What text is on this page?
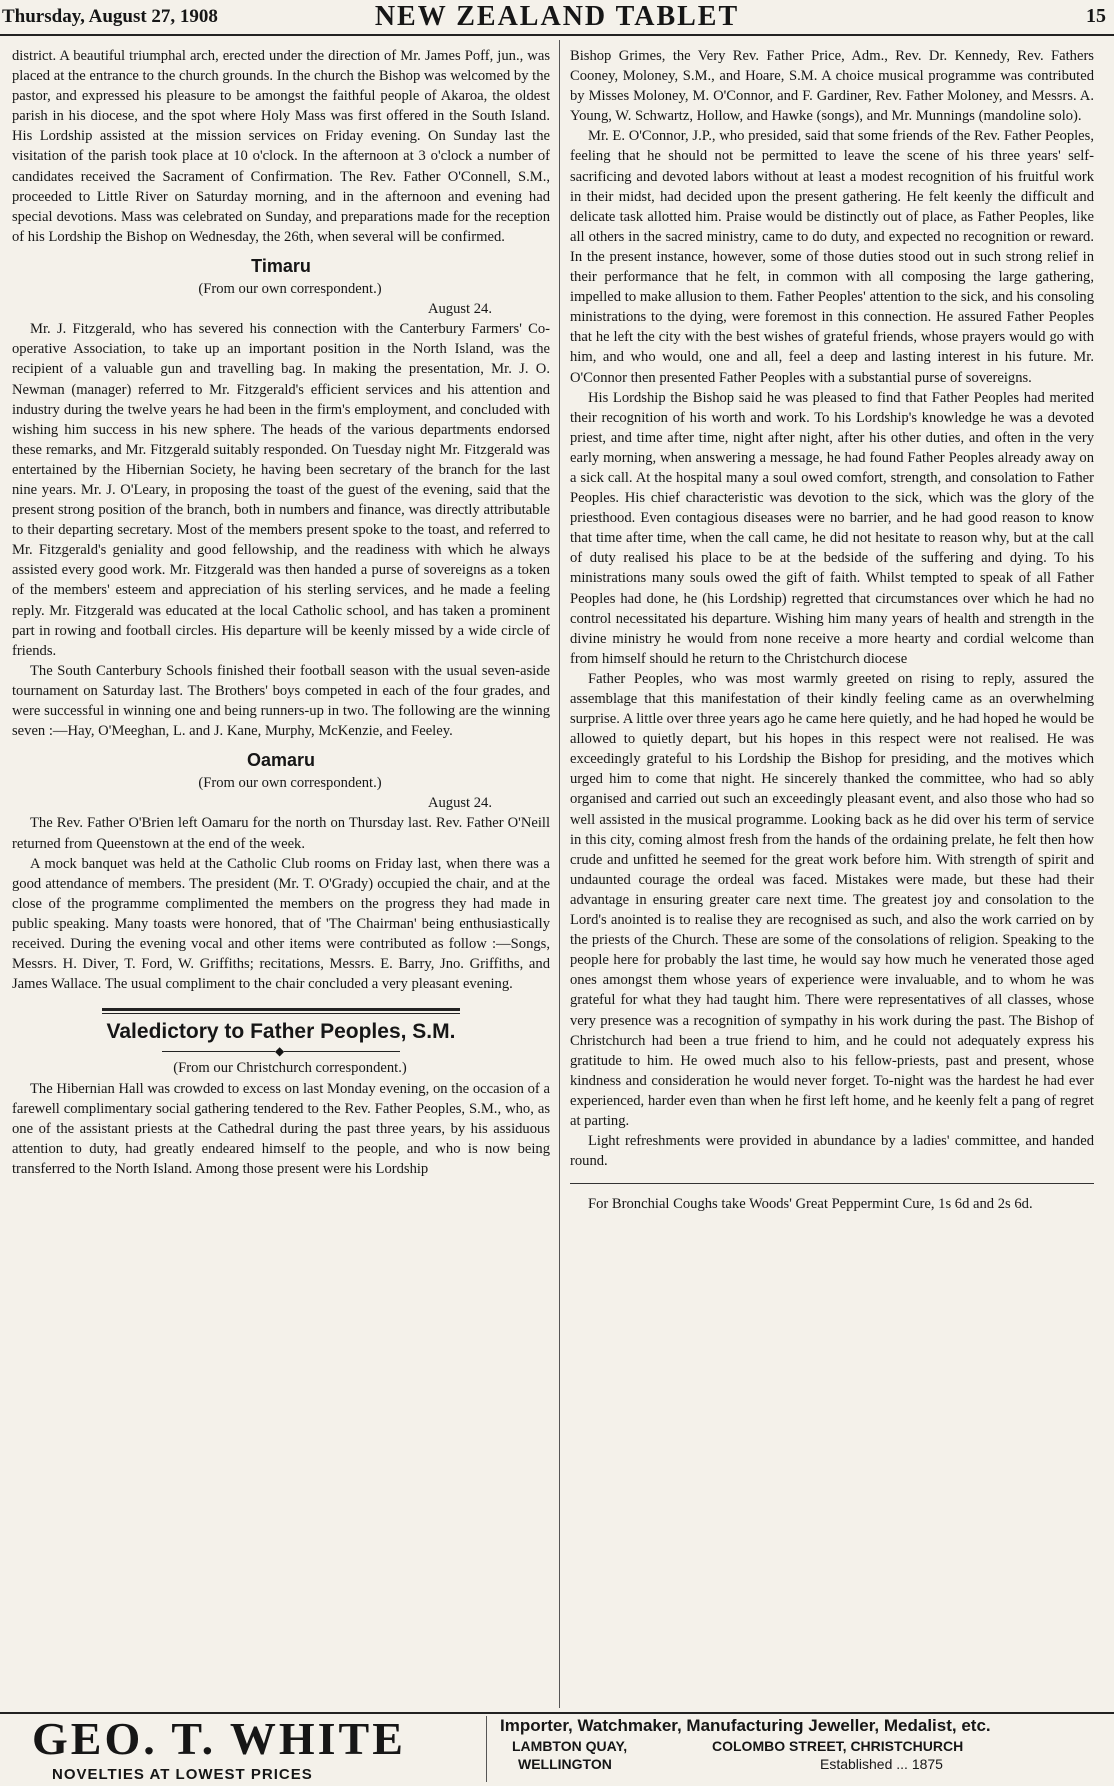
Thursday, August 27, 1908	NEW ZEALAND TABLET	15

district. A beautiful triumphal arch, erected under the direction of Mr. James Poff, jun., was placed at the entrance to the church grounds. In the church the Bishop was welcomed by the pastor, and expressed his pleasure to be amongst the faithful people of Akaroa, the oldest parish in his diocese, and the spot where Holy Mass was first offered in the South Island. His Lordship assisted at the mission services on Friday evening. On Sunday last the visitation of the parish took place at 10 o'clock. In the afternoon at 3 o'clock a number of candidates received the Sacrament of Confirmation. The Rev. Father O'Connell, S.M., proceeded to Little River on Saturday morning, and in the afternoon and evening had special devotions. Mass was celebrated on Sunday, and preparations made for the reception of his Lordship the Bishop on Wednesday, the 26th, when several will be confirmed.

Timaru

(From our own correspondent.)

August 24.

Mr. J. Fitzgerald, who has severed his connection with the Canterbury Farmers' Co-operative Association, to take up an important position in the North Island, was the recipient of a valuable gun and travelling bag. In making the presentation, Mr. J. O. Newman (manager) referred to Mr. Fitzgerald's efficient services and his attention and industry during the twelve years he had been in the firm's employment, and concluded with wishing him success in his new sphere. The heads of the various departments endorsed these remarks, and Mr. Fitzgerald suitably responded. On Tuesday night Mr. Fitzgerald was entertained by the Hibernian Society, he having been secretary of the branch for the last nine years. Mr. J. O'Leary, in proposing the toast of the guest of the evening, said that the present strong position of the branch, both in numbers and finance, was directly attributable to their departing secretary. Most of the members present spoke to the toast, and referred to Mr. Fitzgerald's geniality and good fellowship, and the readiness with which he always assisted every good work. Mr. Fitzgerald was then handed a purse of sovereigns as a token of the members' esteem and appreciation of his sterling services, and he made a feeling reply. Mr. Fitzgerald was educated at the local Catholic school, and has taken a prominent part in rowing and football circles. His departure will be keenly missed by a wide circle of friends.

The South Canterbury Schools finished their football season with the usual seven-aside tournament on Saturday last. The Brothers' boys competed in each of the four grades, and were successful in winning one and being runners-up in two. The following are the winning seven :—Hay, O'Meeghan, L. and J. Kane, Murphy, McKenzie, and Feeley.

Oamaru

(From our own correspondent.)

August 24.

The Rev. Father O'Brien left Oamaru for the north on Thursday last. Rev. Father O'Neill returned from Queenstown at the end of the week.

A mock banquet was held at the Catholic Club rooms on Friday last, when there was a good attendance of members. The president (Mr. T. O'Grady) occupied the chair, and at the close of the programme complimented the members on the progress they had made in public speaking. Many toasts were honored, that of 'The Chairman' being enthusiastically received. During the evening vocal and other items were contributed as follow :—Songs, Messrs. H. Diver, T. Ford, W. Griffiths; recitations, Messrs. E. Barry, Jno. Griffiths, and James Wallace. The usual compliment to the chair concluded a very pleasant evening.

Valedictory to Father Peoples, S.M.
◆

(From our Christchurch correspondent.)

The Hibernian Hall was crowded to excess on last Monday evening, on the occasion of a farewell complimentary social gathering tendered to the Rev. Father Peoples, S.M., who, as one of the assistant priests at the Cathedral during the past three years, by his assiduous attention to duty, had greatly endeared himself to the people, and who is now being transferred to the North Island. Among those present were his Lordship

Bishop Grimes, the Very Rev. Father Price, Adm., Rev. Dr. Kennedy, Rev. Fathers Cooney, Moloney, S.M., and Hoare, S.M. A choice musical programme was contributed by Misses Moloney, M. O'Connor, and F. Gardiner, Rev. Father Moloney, and Messrs. A. Young, W. Schwartz, Hollow, and Hawke (songs), and Mr. Munnings (mandoline solo).

Mr. E. O'Connor, J.P., who presided, said that some friends of the Rev. Father Peoples, feeling that he should not be permitted to leave the scene of his three years' self-sacrificing and devoted labors without at least a modest recognition of his fruitful work in their midst, had decided upon the present gathering. He felt keenly the difficult and delicate task allotted him. Praise would be distinctly out of place, as Father Peoples, like all others in the sacred ministry, came to do duty, and expected no recognition or reward. In the present instance, however, some of those duties stood out in such strong relief in their performance that he felt, in common with all composing the large gathering, impelled to make allusion to them. Father Peoples' attention to the sick, and his consoling ministrations to the dying, were foremost in this connection. He assured Father Peoples that he left the city with the best wishes of grateful friends, whose prayers would go with him, and who would, one and all, feel a deep and lasting interest in his future. Mr. O'Connor then presented Father Peoples with a substantial purse of sovereigns.

His Lordship the Bishop said he was pleased to find that Father Peoples had merited their recognition of his worth and work. To his Lordship's knowledge he was a devoted priest, and time after time, night after night, after his other duties, and often in the very early morning, when answering a message, he had found Father Peoples already away on a sick call. At the hospital many a soul owed comfort, strength, and consolation to Father Peoples. His chief characteristic was devotion to the sick, which was the glory of the priesthood. Even contagious diseases were no barrier, and he had good reason to know that time after time, when the call came, he did not hesitate to reason why, but at the call of duty realised his place to be at the bedside of the suffering and dying. To his ministrations many souls owed the gift of faith. Whilst tempted to speak of all Father Peoples had done, he (his Lordship) regretted that circumstances over which he had no control necessitated his departure. Wishing him many years of health and strength in the divine ministry he would from none receive a more hearty and cordial welcome than from himself should he return to the Christchurch diocese

Father Peoples, who was most warmly greeted on rising to reply, assured the assemblage that this manifestation of their kindly feeling came as an overwhelming surprise. A little over three years ago he came here quietly, and he had hoped he would be allowed to quietly depart, but his hopes in this respect were not realised. He was exceedingly grateful to his Lordship the Bishop for presiding, and the motives which urged him to come that night. He sincerely thanked the committee, who had so ably organised and carried out such an exceedingly pleasant event, and also those who had so well assisted in the musical programme. Looking back as he did over his term of service in this city, coming almost fresh from the hands of the ordaining prelate, he felt then how crude and unfitted he seemed for the great work before him. With strength of spirit and undaunted courage the ordeal was faced. Mistakes were made, but these had their advantage in ensuring greater care next time. The greatest joy and consolation to the Lord's anointed is to realise they are recognised as such, and also the work carried on by the priests of the Church. These are some of the consolations of religion. Speaking to the people here for probably the last time, he would say how much he venerated those aged ones amongst them whose years of experience were invaluable, and to whom he was grateful for what they had taught him. There were representatives of all classes, whose very presence was a recognition of sympathy in his work during the past. The Bishop of Christchurch had been a true friend to him, and he could not adequately express his gratitude to him. He owed much also to his fellow-priests, past and present, whose kindness and consideration he would never forget. To-night was the hardest he had ever experienced, harder even than when he first left home, and he keenly felt a pang of regret at parting.

Light refreshments were provided in abundance by a ladies' committee, and handed round.

For Bronchial Coughs take Woods' Great Peppermint Cure, 1s 6d and 2s 6d.

GEO. T. WHITE
NOVELTIES AT LOWEST PRICES
Importer, Watchmaker, Manufacturing Jeweller, Medalist, etc.
LAMBTON QUAY,
WELLINGTON
COLOMBO STREET, CHRISTCHURCH
Established ... 1875
